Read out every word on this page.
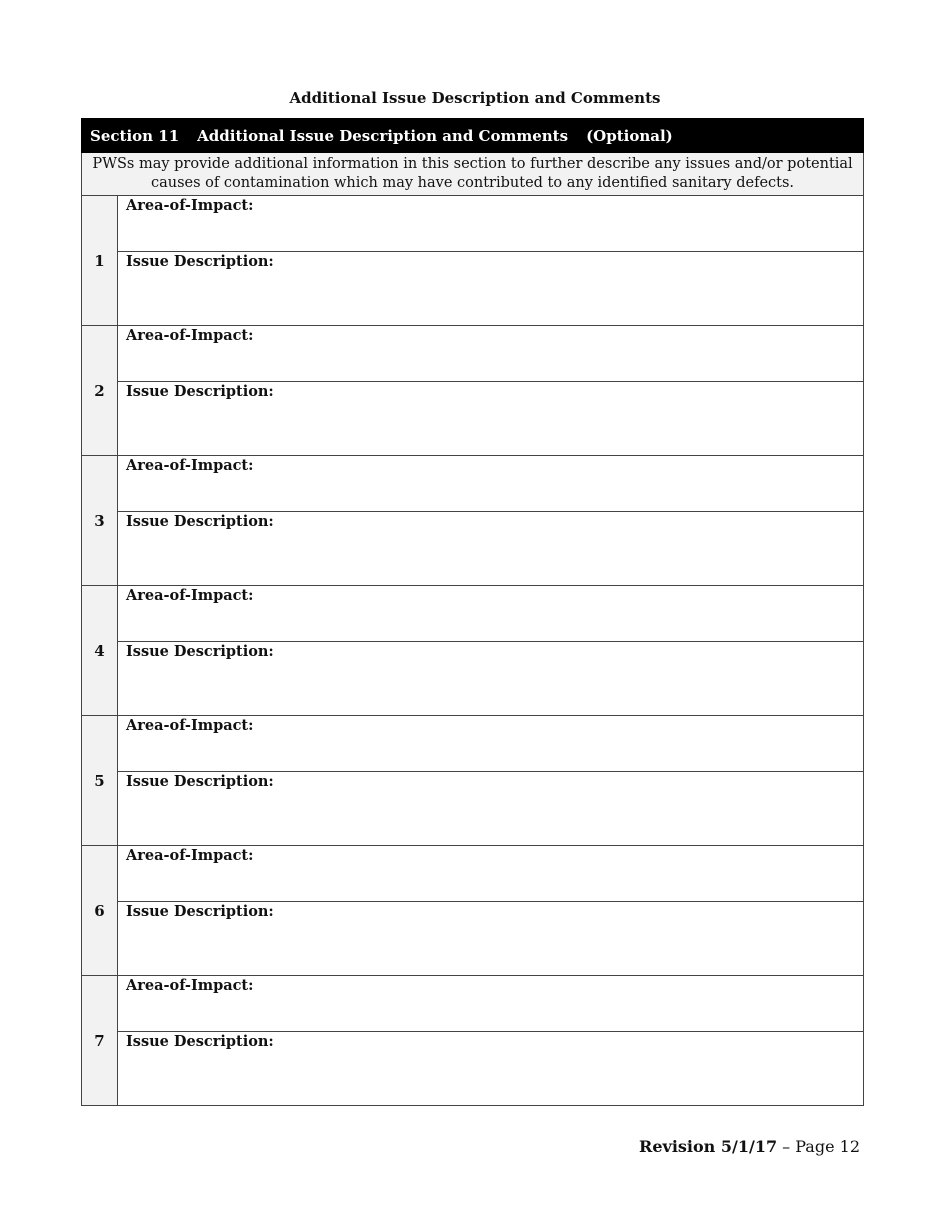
Additional Issue Description and Comments
Section 11 Additional Issue Description and Comments (Optional)	
PWSs may provide additional information in this section to further describe any issues and/or potential causes of contamination which may have contributed to any identified sanitary defects.	
1	Area-of-Impact:

	Issue Description:

2	Area-of-Impact:

	Issue Description:

3	Area-of-Impact:

	Issue Description:

4	Area-of-Impact:

	Issue Description:

5	Area-of-Impact:

	Issue Description:

6	Area-of-Impact:

	Issue Description:

7	Area-of-Impact:

	Issue Description:
Revision 5/1/17 – Page 12
